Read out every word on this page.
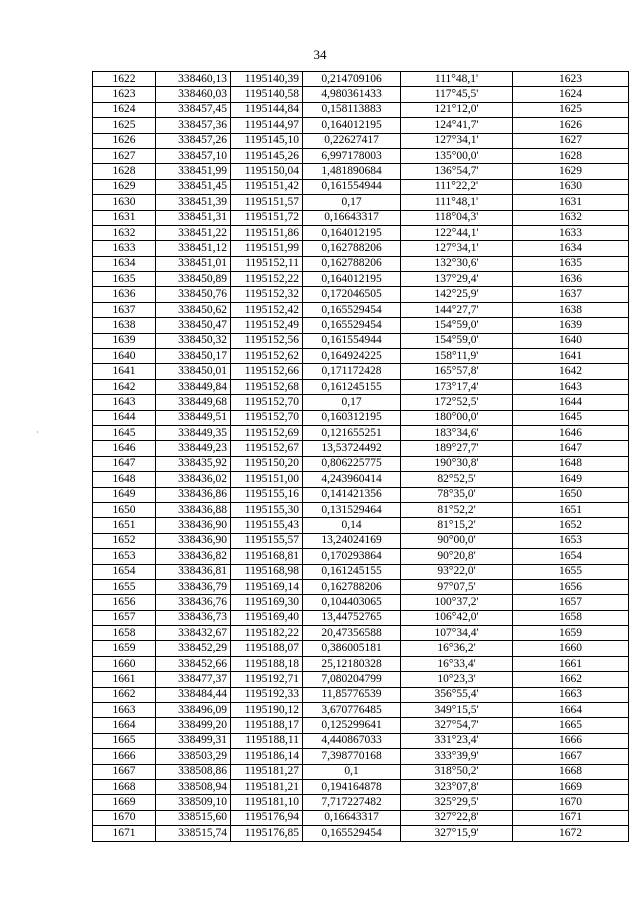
34
·
1622	338460,13	1195140,39	0,214709106	111°48,1'	1623
1623	338460,03	1195140,58	4,980361433	117°45,5'	1624
1624	338457,45	1195144,84	0,158113883	121°12,0'	1625
1625	338457,36	1195144,97	0,164012195	124°41,7'	1626
1626	338457,26	1195145,10	0,22627417	127°34,1'	1627
1627	338457,10	1195145,26	6,997178003	135°00,0'	1628
1628	338451,99	1195150,04	1,481890684	136°54,7'	1629
1629	338451,45	1195151,42	0,161554944	111°22,2'	1630
1630	338451,39	1195151,57	0,17	111°48,1'	1631
1631	338451,31	1195151,72	0,16643317	118°04,3'	1632
1632	338451,22	1195151,86	0,164012195	122°44,1'	1633
1633	338451,12	1195151,99	0,162788206	127°34,1'	1634
1634	338451,01	1195152,11	0,162788206	132°30,6'	1635
1635	338450,89	1195152,22	0,164012195	137°29,4'	1636
1636	338450,76	1195152,32	0,172046505	142°25,9'	1637
1637	338450,62	1195152,42	0,165529454	144°27,7'	1638
1638	338450,47	1195152,49	0,165529454	154°59,0'	1639
1639	338450,32	1195152,56	0,161554944	154°59,0'	1640
1640	338450,17	1195152,62	0,164924225	158°11,9'	1641
1641	338450,01	1195152,66	0,171172428	165°57,8'	1642
1642	338449,84	1195152,68	0,161245155	173°17,4'	1643
1643	338449,68	1195152,70	0,17	172°52,5'	1644
1644	338449,51	1195152,70	0,160312195	180°00,0'	1645
1645	338449,35	1195152,69	0,121655251	183°34,6'	1646
1646	338449,23	1195152,67	13,53724492	189°27,7'	1647
1647	338435,92	1195150,20	0,806225775	190°30,8'	1648
1648	338436,02	1195151,00	4,243960414	82°52,5'	1649
1649	338436,86	1195155,16	0,141421356	78°35,0'	1650
1650	338436,88	1195155,30	0,131529464	81°52,2'	1651
1651	338436,90	1195155,43	0,14	81°15,2'	1652
1652	338436,90	1195155,57	13,24024169	90°00,0'	1653
1653	338436,82	1195168,81	0,170293864	90°20,8'	1654
1654	338436,81	1195168,98	0,161245155	93°22,0'	1655
1655	338436,79	1195169,14	0,162788206	97°07,5'	1656
1656	338436,76	1195169,30	0,104403065	100°37,2'	1657
1657	338436,73	1195169,40	13,44752765	106°42,0'	1658
1658	338432,67	1195182,22	20,47356588	107°34,4'	1659
1659	338452,29	1195188,07	0,386005181	16°36,2'	1660
1660	338452,66	1195188,18	25,12180328	16°33,4'	1661
1661	338477,37	1195192,71	7,080204799	10°23,3'	1662
1662	338484,44	1195192,33	11,85776539	356°55,4'	1663
1663	338496,09	1195190,12	3,670776485	349°15,5'	1664
1664	338499,20	1195188,17	0,125299641	327°54,7'	1665
1665	338499,31	1195188,11	4,440867033	331°23,4'	1666
1666	338503,29	1195186,14	7,398770168	333°39,9'	1667
1667	338508,86	1195181,27	0,1	318°50,2'	1668
1668	338508,94	1195181,21	0,194164878	323°07,8'	1669
1669	338509,10	1195181,10	7,717227482	325°29,5'	1670
1670	338515,60	1195176,94	0,16643317	327°22,8'	1671
1671	338515,74	1195176,85	0,165529454	327°15,9'	1672
